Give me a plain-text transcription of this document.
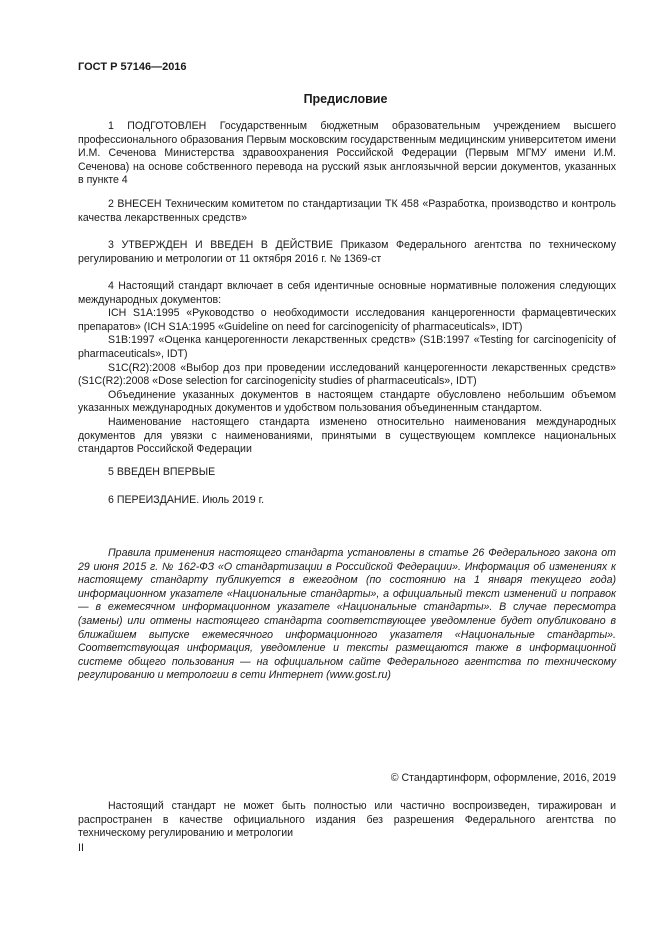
ГОСТ Р 57146—2016
Предисловие

1 ПОДГОТОВЛЕН Государственным бюджетным образовательным учреждением высшего профессионального образования Первым московским государственным медицинским университетом имени И.М. Сеченова Министерства здравоохранения Российской Федерации (Первым МГМУ имени И.М. Сеченова) на основе собственного перевода на русский язык англоязычной версии документов, указанных в пункте 4

2 ВНЕСЕН Техническим комитетом по стандартизации ТК 458 «Разработка, производство и контроль качества лекарственных средств»

3 УТВЕРЖДЕН И ВВЕДЕН В ДЕЙСТВИЕ Приказом Федерального агентства по техническому регулированию и метрологии от 11 октября 2016 г. № 1369-ст

4 Настоящий стандарт включает в себя идентичные основные нормативные положения следующих международных документов:

ICH S1A:1995 «Руководство о необходимости исследования канцерогенности фармацевтических препаратов» (ICH S1A:1995 «Guideline on need for carcinogenicity of pharmaceuticals», IDT)

S1B:1997 «Оценка канцерогенности лекарственных средств» (S1B:1997 «Testing for carcinogenicity of pharmaceuticals», IDT)

S1C(R2):2008 «Выбор доз при проведении исследований канцерогенности лекарственных средств» (S1C(R2):2008 «Dose selection for carcinogenicity studies of pharmaceuticals», IDT)

Объединение указанных документов в настоящем стандарте обусловлено небольшим объемом указанных международных документов и удобством пользования объединенным стандартом.

Наименование настоящего стандарта изменено относительно наименования международных документов для увязки с наименованиями, принятыми в существующем комплексе национальных стандартов Российской Федерации

5 ВВЕДЕН ВПЕРВЫЕ

6 ПЕРЕИЗДАНИЕ. Июль 2019 г.

Правила применения настоящего стандарта установлены в статье 26 Федерального закона от 29 июня 2015 г. № 162-ФЗ «О стандартизации в Российской Федерации». Информация об изменениях к настоящему стандарту публикуется в ежегодном (по состоянию на 1 января текущего года) информационном указателе «Национальные стандарты», а официальный текст изменений и поправок — в ежемесячном информационном указателе «Национальные стандарты». В случае пересмотра (замены) или отмены настоящего стандарта соответствующее уведомление будет опубликовано в ближайшем выпуске ежемесячного информационного указателя «Национальные стандарты». Соответствующая информация, уведомление и тексты размещаются также в информационной системе общего пользования — на официальном сайте Федерального агентства по техническому регулированию и метрологии в сети Интернет (www.gost.ru)

© Стандартинформ, оформление, 2016, 2019

Настоящий стандарт не может быть полностью или частично воспроизведен, тиражирован и распространен в качестве официального издания без разрешения Федерального агентства по техническому регулированию и метрологии

II
